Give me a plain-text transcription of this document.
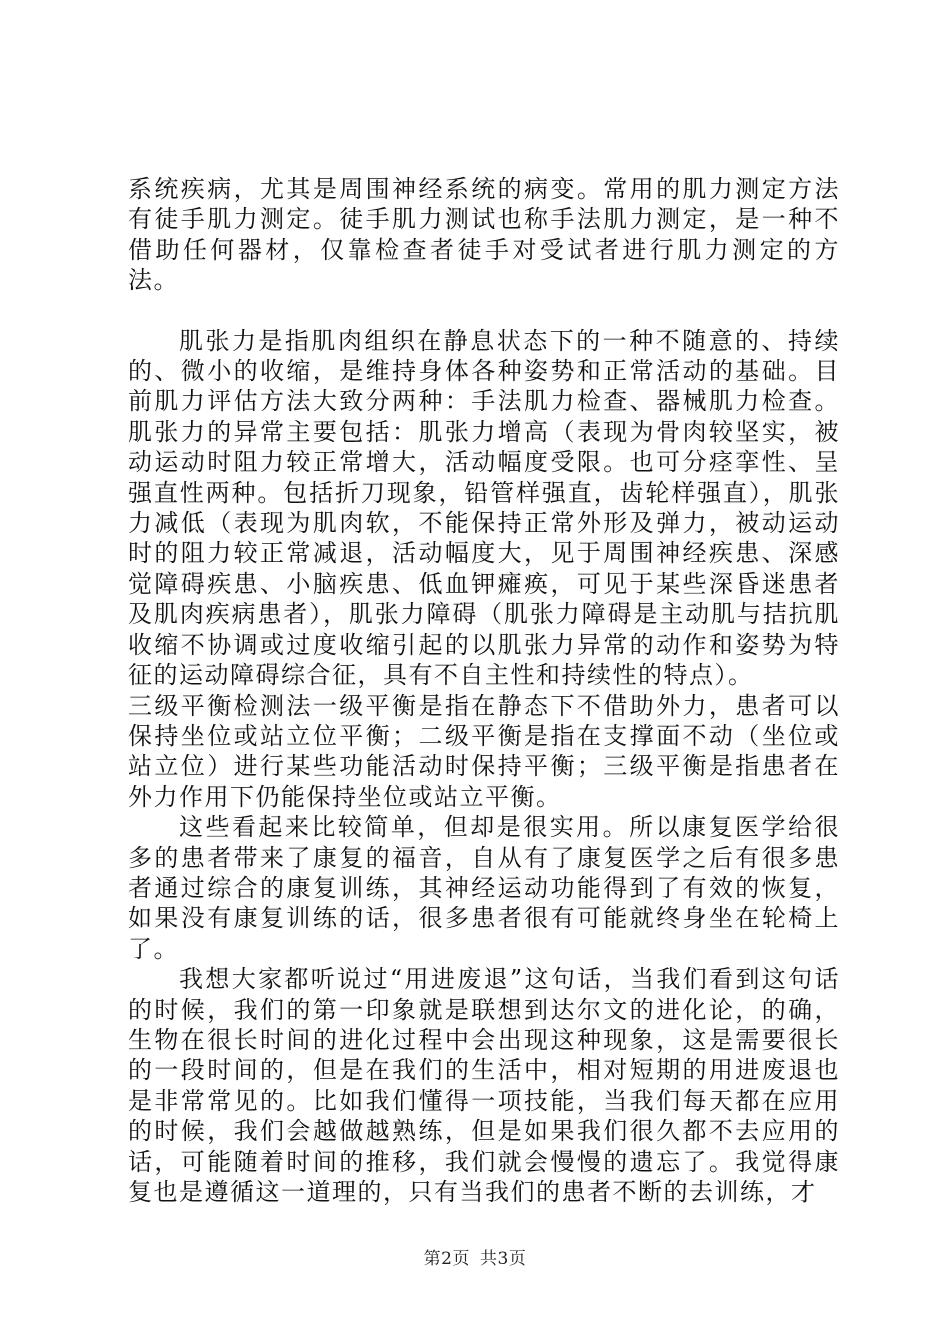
系统疾病，尤其是周围神经系统的病变。常用的肌力测定方法有徒手肌力测定。徒手肌力测试也称手法肌力测定，是一种不借助任何器材，仅靠检查者徒手对受试者进行肌力测定的方法。

肌张力是指肌肉组织在静息状态下的一种不随意的、持续的、微小的收缩，是维持身体各种姿势和正常活动的基础。目前肌力评估方法大致分两种：手法肌力检查、器械肌力检查。肌张力的异常主要包括：肌张力增高（表现为骨肉较坚实，被动运动时阻力较正常增大，活动幅度受限。也可分痉挛性、呈强直性两种。包括折刀现象，铅管样强直，齿轮样强直），肌张力减低（表现为肌肉软，不能保持正常外形及弹力，被动运动时的阻力较正常减退，活动幅度大，见于周围神经疾患、深感觉障碍疾患、小脑疾患、低血钾瘫痪，可见于某些深昏迷患者及肌肉疾病患者），肌张力障碍（肌张力障碍是主动肌与拮抗肌收缩不协调或过度收缩引起的以肌张力异常的动作和姿势为特征的运动障碍综合征，具有不自主性和持续性的特点）。

三级平衡检测法一级平衡是指在静态下不借助外力，患者可以保持坐位或站立位平衡；二级平衡是指在支撑面不动（坐位或站立位）进行某些功能活动时保持平衡；三级平衡是指患者在外力作用下仍能保持坐位或站立平衡。

这些看起来比较简单，但却是很实用。所以康复医学给很多的患者带来了康复的福音，自从有了康复医学之后有很多患者通过综合的康复训练，其神经运动功能得到了有效的恢复，如果没有康复训练的话，很多患者很有可能就终身坐在轮椅上了。

我想大家都听说过“用进废退”这句话，当我们看到这句话的时候，我们的第一印象就是联想到达尔文的进化论，的确，生物在很长时间的进化过程中会出现这种现象，这是需要很长的一段时间的，但是在我们的生活中，相对短期的用进废退也是非常常见的。比如我们懂得一项技能，当我们每天都在应用的时候，我们会越做越熟练，但是如果我们很久都不去应用的话，可能随着时间的推移，我们就会慢慢的遗忘了。我觉得康复也是遵循这一道理的，只有当我们的患者不断的去训练，才

第2页 共3页
